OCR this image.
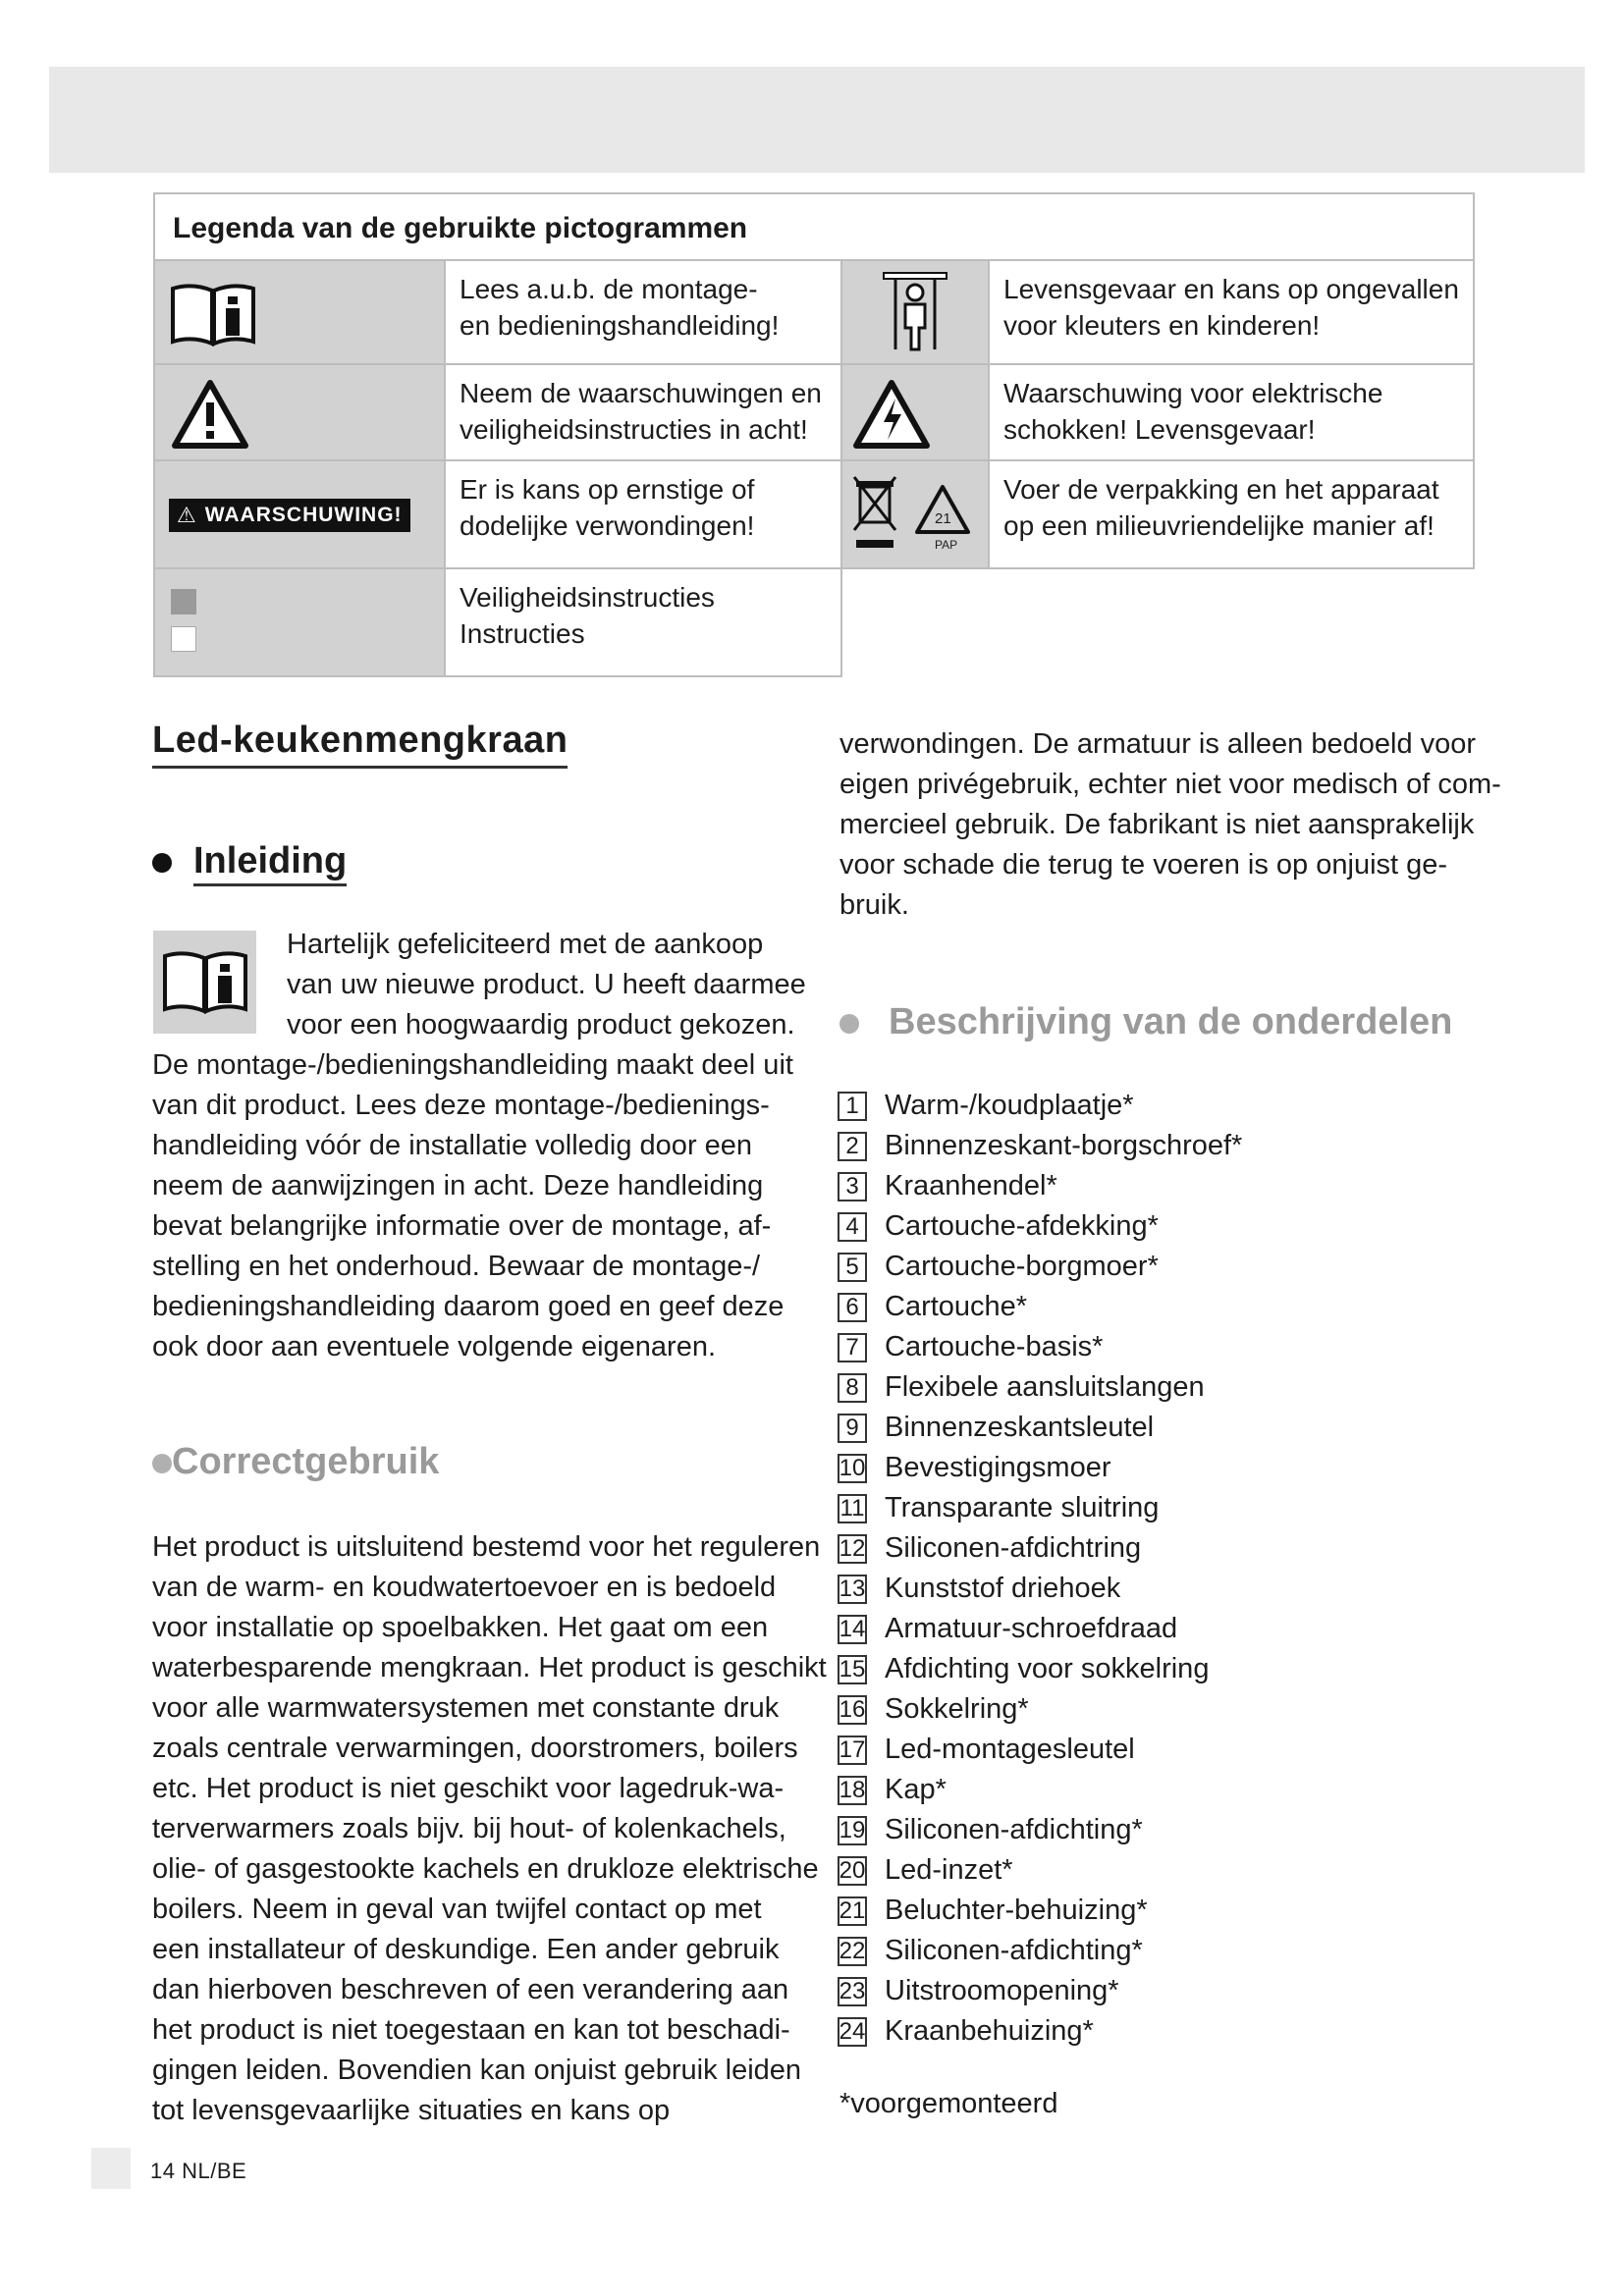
Legenda van de gebruikte pictogrammen
Lees a.u.b. de montage-
en bedieningshandleiding!
Levensgevaar en kans op ongevallen
voor kleuters en kinderen!
Neem de waarschuwingen en
veiligheidsinstructies in acht!
Waarschuwing voor elektrische
schokken! Levensgevaar!
⚠ WAARSCHUWING!
Er is kans op ernstige of
dodelijke verwondingen!	21
PAP
Voer de verpakking en het apparaat
op een milieuvriendelijke manier af!
Veiligheidsinstructies
Instructies
Led-keukenmengkraan
Inleiding
Hartelijk gefeliciteerd met de aankoop
van uw nieuwe product. U heeft daarmee
voor een hoogwaardig product gekozen.
De montage-/bedieningshandleiding maakt deel uit
van dit product. Lees deze montage-/bedienings-
handleiding vóór de installatie volledig door een
neem de aanwijzingen in acht. Deze handleiding
bevat belangrijke informatie over de montage, af-
stelling en het onderhoud. Bewaar de montage-/
bedieningshandleiding daarom goed en geef deze
ook door aan eventuele volgende eigenaren.
Correctgebruik
Het product is uitsluitend bestemd voor het reguleren
van de warm- en koudwatertoevoer en is bedoeld
voor installatie op spoelbakken. Het gaat om een
waterbesparende mengkraan. Het product is geschikt
voor alle warmwatersystemen met constante druk
zoals centrale verwarmingen, doorstromers, boilers
etc. Het product is niet geschikt voor lagedruk-wa-
terverwarmers zoals bijv. bij hout- of kolenkachels,
olie- of gasgestookte kachels en drukloze elektrische
boilers. Neem in geval van twijfel contact op met
een installateur of deskundige. Een ander gebruik
dan hierboven beschreven of een verandering aan
het product is niet toegestaan en kan tot beschadi-
gingen leiden. Bovendien kan onjuist gebruik leiden
tot levensgevaarlijke situaties en kans op
verwondingen. De armatuur is alleen bedoeld voor
eigen privégebruik, echter niet voor medisch of com-
mercieel gebruik. De fabrikant is niet aansprakelijk
voor schade die terug te voeren is op onjuist ge-
bruik.
Beschrijving van de onderdelen
1 Warm-/koudplaatje*
2 Binnenzeskant-borgschroef*
3 Kraanhendel*
4 Cartouche-afdekking*
5 Cartouche-borgmoer*
6 Cartouche*
7 Cartouche-basis*
8 Flexibele aansluitslangen
9 Binnenzeskantsleutel
10 Bevestigingsmoer
11 Transparante sluitring
12 Siliconen-afdichtring
13 Kunststof driehoek
14 Armatuur-schroefdraad
15 Afdichting voor sokkelring
16 Sokkelring*
17 Led-montagesleutel
18 Kap*
19 Siliconen-afdichting*
20 Led-inzet*
21 Beluchter-behuizing*
22 Siliconen-afdichting*
23 Uitstroomopening*
24 Kraanbehuizing*
*voorgemonteerd
14 NL/BE
